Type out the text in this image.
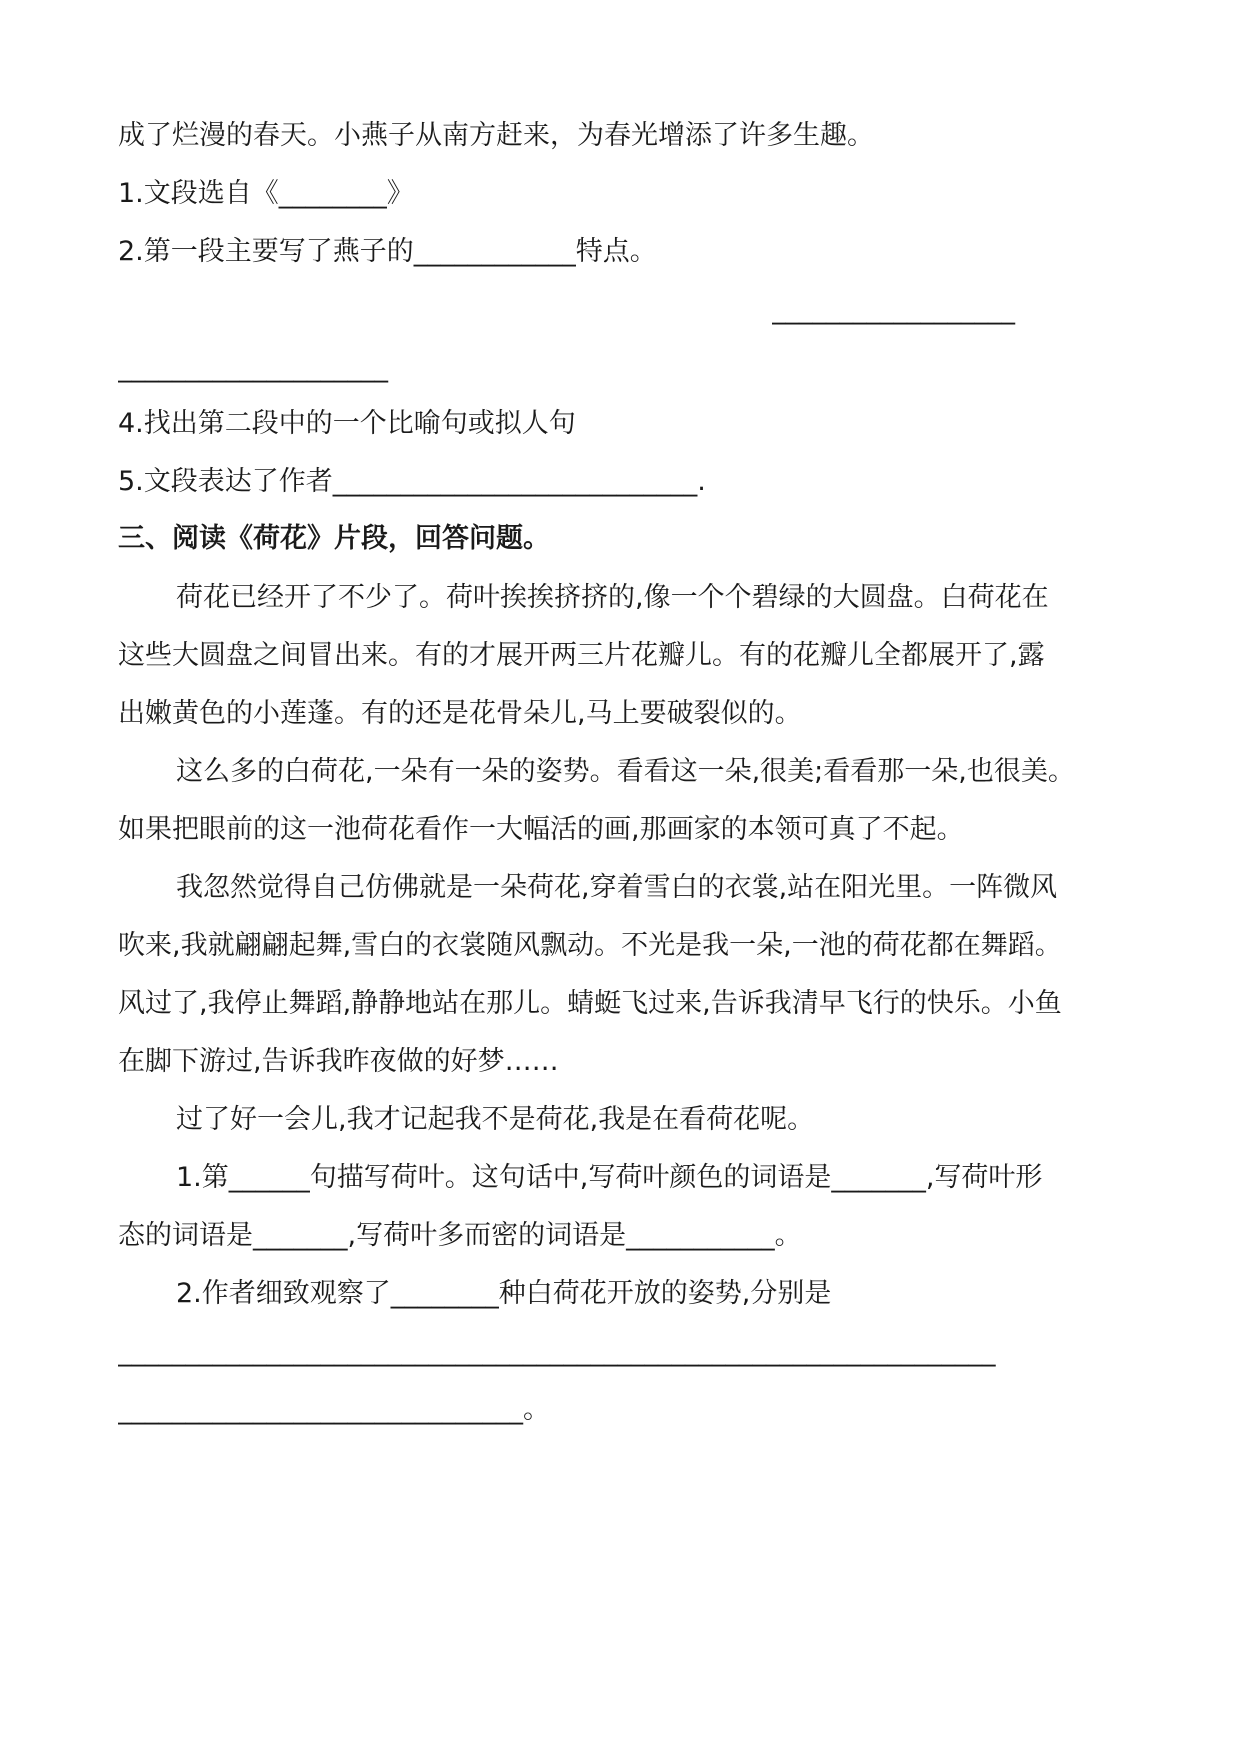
成了烂漫的春天。小燕子从南方赶来，为春光增添了许多生趣。
1.文段选自《________》
2.第一段主要写了燕子的____________特点。

__________________
____________________
4.找出第二段中的一个比喻句或拟人句
5.文段表达了作者___________________________.
三、阅读《荷花》片段，回答问题。
荷花已经开了不少了。荷叶挨挨挤挤的,像一个个碧绿的大圆盘。白荷花在
这些大圆盘之间冒出来。有的才展开两三片花瓣儿。有的花瓣儿全都展开了,露
出嫩黄色的小莲蓬。有的还是花骨朵儿,马上要破裂似的。
这么多的白荷花,一朵有一朵的姿势。看看这一朵,很美;看看那一朵,也很美。
如果把眼前的这一池荷花看作一大幅活的画,那画家的本领可真了不起。
我忽然觉得自己仿佛就是一朵荷花,穿着雪白的衣裳,站在阳光里。一阵微风
吹来,我就翩翩起舞,雪白的衣裳随风飘动。不光是我一朵,一池的荷花都在舞蹈。
风过了,我停止舞蹈,静静地站在那儿。蜻蜓飞过来,告诉我清早飞行的快乐。小鱼
在脚下游过,告诉我昨夜做的好梦……
过了好一会儿,我才记起我不是荷花,我是在看荷花呢。
1.第______句描写荷叶。这句话中,写荷叶颜色的词语是_______,写荷叶形
态的词语是_______,写荷叶多而密的词语是___________。
2.作者细致观察了________种白荷花开放的姿势,分别是
_________________________________________________________________
______________________________。
